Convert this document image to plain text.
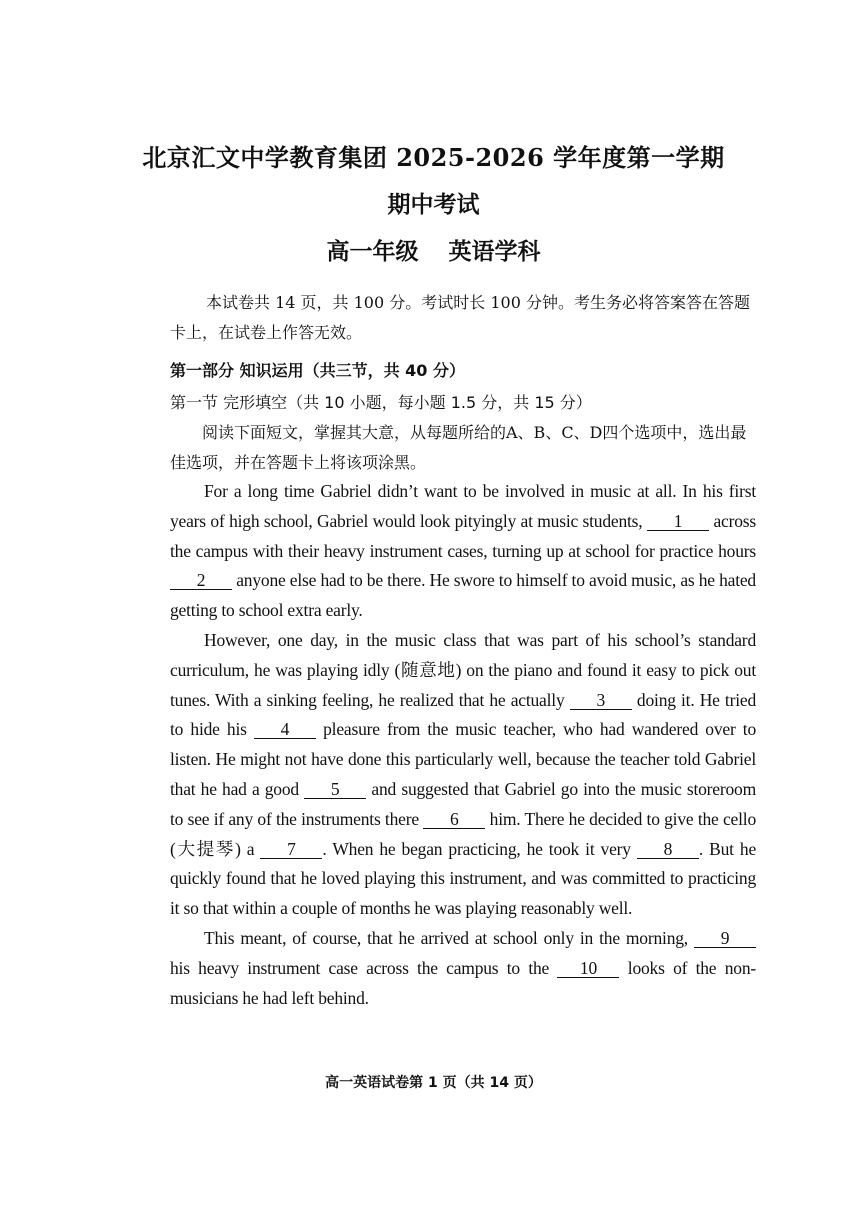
北京汇文中学教育集团 2025-2026 学年度第一学期
期中考试
高一年级 英语学科
本试卷共 14 页，共 100 分。考试时长 100 分钟。考生务必将答案答在答题卡上，在试卷上作答无效。
第一部分 知识运用（共三节，共 40 分）
第一节 完形填空（共 10 小题，每小题 1.5 分，共 15 分）
阅读下面短文，掌握其大意，从每题所给的A、B、C、D四个选项中，选出最佳选项，并在答题卡上将该项涂黑。

For a long time Gabriel didn’t want to be involved in music at all. In his first years of high school, Gabriel would look pityingly at music students, 1 across the campus with their heavy instrument cases, turning up at school for practice hours 2 anyone else had to be there. He swore to himself to avoid music, as he hated getting to school extra early.

However, one day, in the music class that was part of his school’s standard curriculum, he was playing idly (随意地) on the piano and found it easy to pick out tunes. With a sinking feeling, he realized that he actually 3 doing it. He tried to hide his 4 pleasure from the music teacher, who had wandered over to listen. He might not have done this particularly well, because the teacher told Gabriel that he had a good 5 and suggested that Gabriel go into the music storeroom to see if any of the instruments there 6 him. There he decided to give the cello (大提琴) a 7 . When he began practicing, he took it very 8 . But he quickly found that he loved playing this instrument, and was committed to practicing it so that within a couple of months he was playing reasonably well.

This meant, of course, that he arrived at school only in the morning, 9 his heavy instrument case across the campus to the 10 looks of the non-musicians he had left behind.

高一英语试卷第 1 页（共 14 页）
